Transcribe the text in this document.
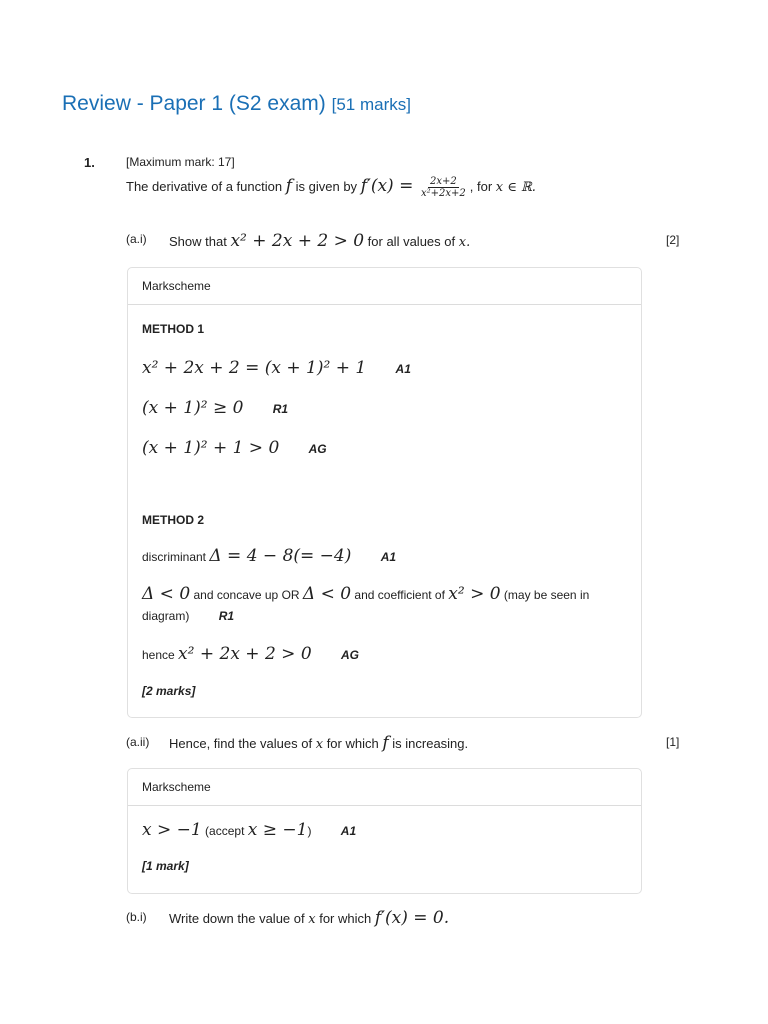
Review - Paper 1 (S2 exam) [51 marks]
1.	[Maximum mark: 17]
The derivative of a function f is given by $f'(x) = \frac{2x+2}{\text{x²+2x+2}}$ , for x ∈ ℝ.
(a.i) Show that x² + 2x + 2 > 0 for all values of x.	[2]
Markscheme
METHOD 1
x² + 2x + 2 = (x + 1)² + 1 A1
(x + 1)² ≥ 0 R1
(x + 1)² + 1 > 0 AG
METHOD 2
discriminant Δ = 4 − 8(= −4) A1
Δ < 0 and concave up OR Δ < 0 and coefficient of x² > 0 (may be seen in
diagram) R1
hence x² + 2x + 2 > 0 AG
[2 marks]
(a.ii) Hence, find the values of x for which f is increasing.	[1]
Markscheme
x > −1 (accept x ≥ −1) A1
[1 mark]
(b.i) Write down the value of x for which f′(x) = 0.
